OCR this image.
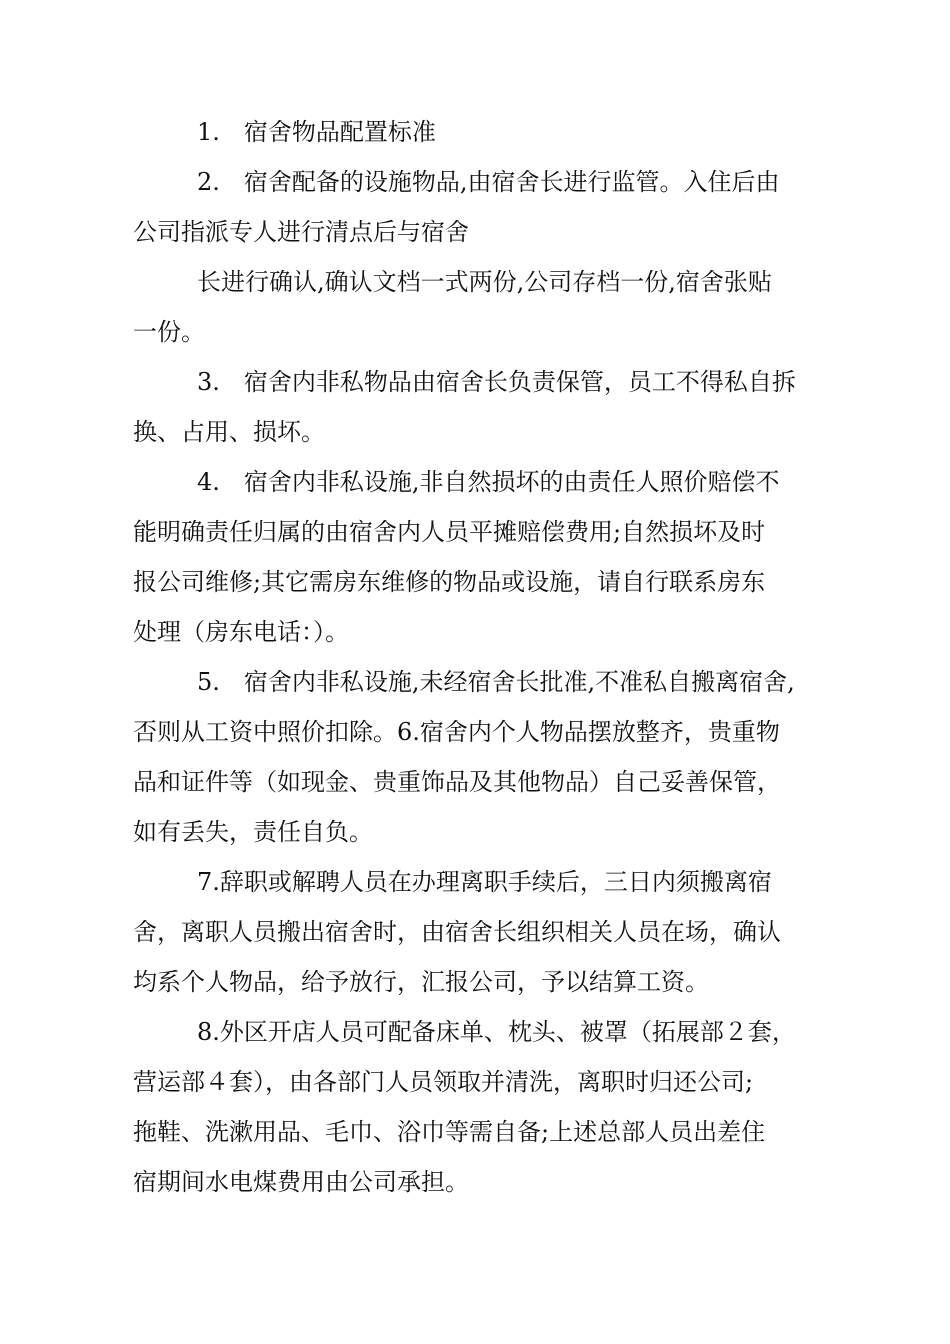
1.　宿舍物品配置标准

2.　宿舍配备的设施物品,由宿舍长进行监管。入住后由
公司指派专人进行清点后与宿舍

长进行确认,确认文档一式两份,公司存档一份,宿舍张贴
一份。

3.　宿舍内非私物品由宿舍长负责保管，员工不得私自拆
换、占用、损坏。

4.　宿舍内非私设施,非自然损坏的由责任人照价赔偿不
能明确责任归属的由宿舍内人员平摊赔偿费用;自然损坏及时
报公司维修;其它需房东维修的物品或设施，请自行联系房东
处理（房东电话：）。

5.　宿舍内非私设施,未经宿舍长批准,不准私自搬离宿舍,
否则从工资中照价扣除。6.宿舍内个人物品摆放整齐，贵重物
品和证件等（如现金、贵重饰品及其他物品）自己妥善保管，
如有丢失，责任自负。

7.辞职或解聘人员在办理离职手续后，三日内须搬离宿
舍，离职人员搬出宿舍时，由宿舍长组织相关人员在场，确认
均系个人物品，给予放行，汇报公司，予以结算工资。

8.外区开店人员可配备床单、枕头、被罩（拓展部２套，
营运部４套），由各部门人员领取并清洗，离职时归还公司;
拖鞋、洗漱用品、毛巾、浴巾等需自备;上述总部人员出差住
宿期间水电煤费用由公司承担。
